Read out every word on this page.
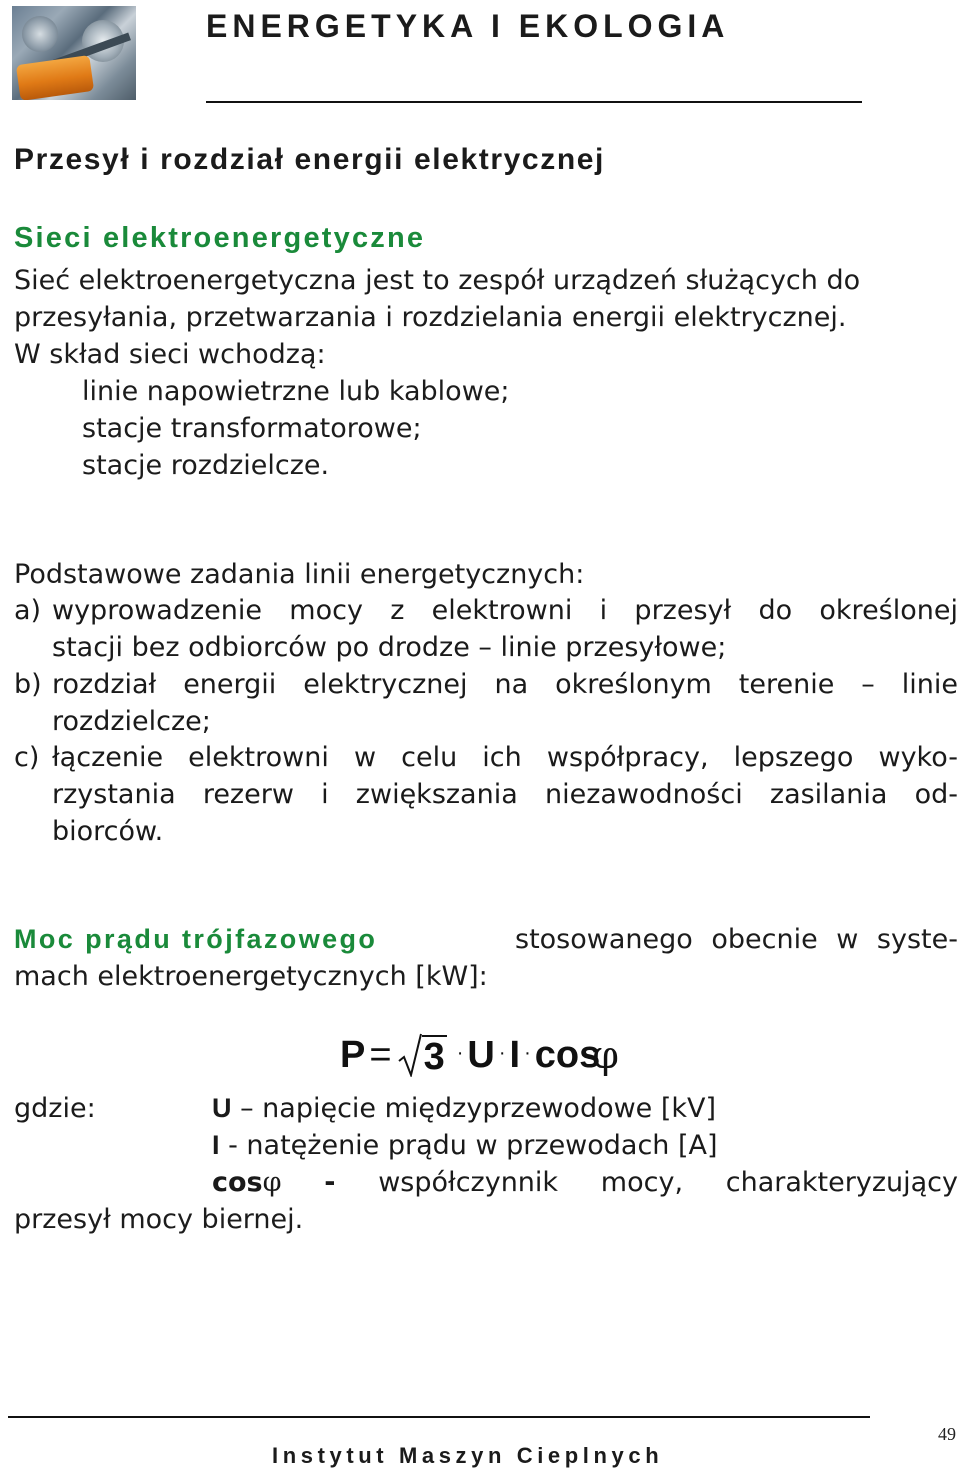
ENERGETYKA I EKOLOGIA
Przesył i rozdział energii elektrycznej
Sieci elektroenergetyczne
Sieć elektroenergetyczna jest to zespół urządzeń służących do
przesyłania, przetwarzania i rozdzielania energii elektrycznej.
W skład sieci wchodzą:
linie napowietrzne lub kablowe;
stacje transformatorowe;
stacje rozdzielcze.
Podstawowe zadania linii energetycznych:
a) wyprowadzenie mocy z elektrowni i przesył do określonej
stacji bez odbiorców po drodze – linie przesyłowe;
b) rozdział energii elektrycznej na określonym terenie – linie
rozdzielcze;
c) łączenie elektrowni w celu ich współpracy, lepszego wyko-
rzystania rezerw i zwiększania niezawodności zasilania od-
biorców.
Moc prądu trójfazowego	stosowanego obecnie w syste-
mach elektroenergetycznych [kW]:
P = 3 · U · I · cos
φ
gdzie:	U – napięcie międzyprzewodowe [kV]
I - natężenie prądu w przewodach [A]
cosφ - współczynnik mocy, charakteryzujący
przesył mocy biernej.
49
Instytut Maszyn Cieplnych
